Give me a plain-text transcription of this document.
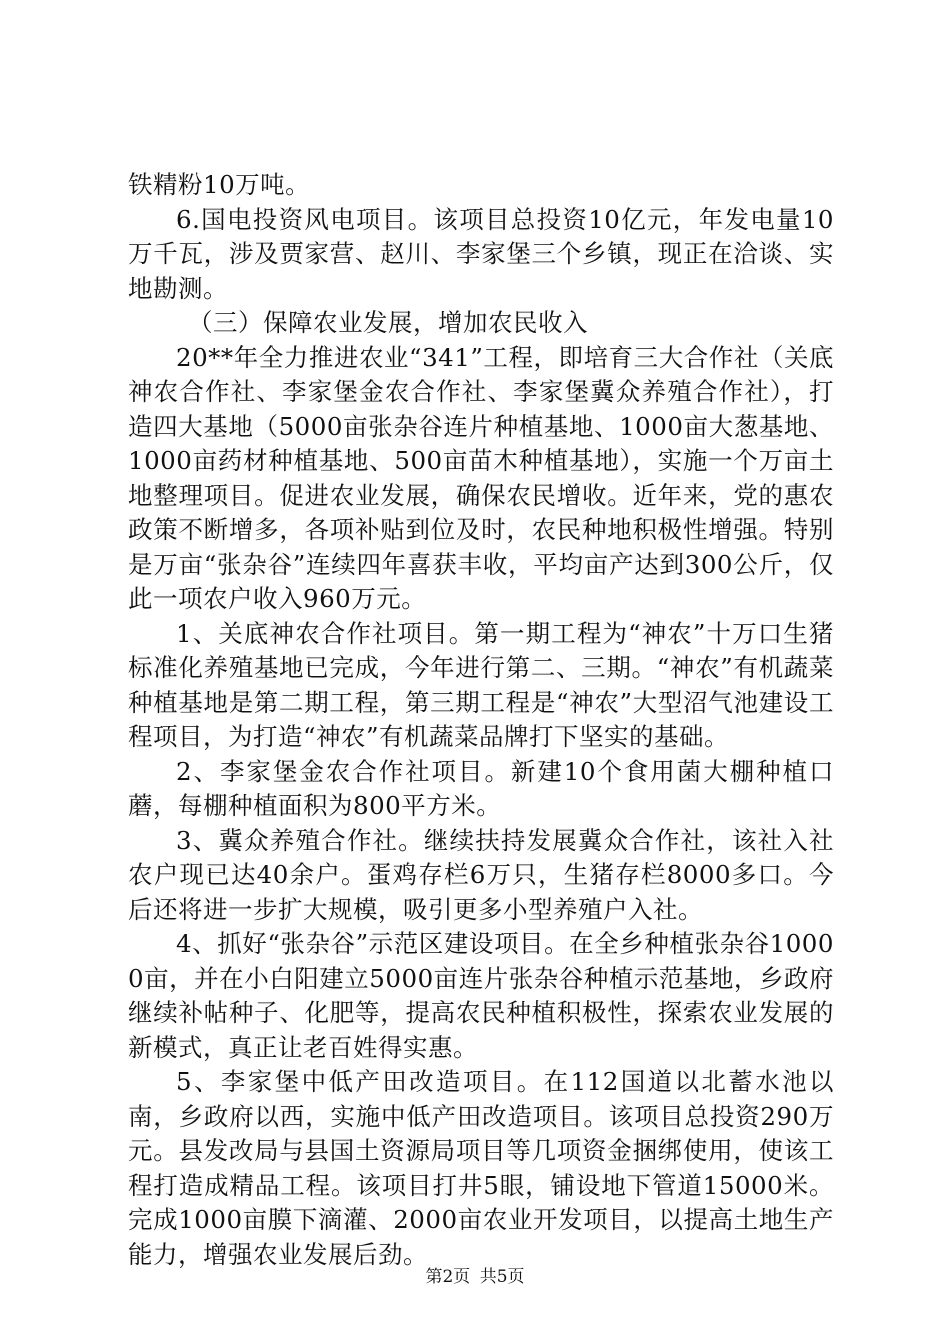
铁精粉10万吨。

6.国电投资风电项目。该项目总投资10亿元，年发电量10万千瓦，涉及贾家营、赵川、李家堡三个乡镇，现正在洽谈、实地勘测。

（三）保障农业发展，增加农民收入

20**年全力推进农业“341”工程，即培育三大合作社（关底神农合作社、李家堡金农合作社、李家堡冀众养殖合作社），打造四大基地（5000亩张杂谷连片种植基地、1000亩大葱基地、1000亩药材种植基地、500亩苗木种植基地），实施一个万亩土地整理项目。促进农业发展，确保农民增收。近年来，党的惠农政策不断增多，各项补贴到位及时，农民种地积极性增强。特别是万亩“张杂谷”连续四年喜获丰收，平均亩产达到300公斤，仅此一项农户收入960万元。

1、关底神农合作社项目。第一期工程为“神农”十万口生猪标准化养殖基地已完成，今年进行第二、三期。“神农”有机蔬菜种植基地是第二期工程，第三期工程是“神农”大型沼气池建设工程项目，为打造“神农”有机蔬菜品牌打下坚实的基础。

2、李家堡金农合作社项目。新建10个食用菌大棚种植口蘑，每棚种植面积为800平方米。

3、冀众养殖合作社。继续扶持发展冀众合作社，该社入社农户现已达40余户。蛋鸡存栏6万只，生猪存栏8000多口。今后还将进一步扩大规模，吸引更多小型养殖户入社。

4、抓好“张杂谷”示范区建设项目。在全乡种植张杂谷10000亩，并在小白阳建立5000亩连片张杂谷种植示范基地，乡政府继续补帖种子、化肥等，提高农民种植积极性，探索农业发展的新模式，真正让老百姓得实惠。

5、李家堡中低产田改造项目。在112国道以北蓄水池以南，乡政府以西，实施中低产田改造项目。该项目总投资290万元。县发改局与县国土资源局项目等几项资金捆绑使用，使该工程打造成精品工程。该项目打井5眼，铺设地下管道15000米。完成1000亩膜下滴灌、2000亩农业开发项目，以提高土地生产能力，增强农业发展后劲。

第2页 共5页
